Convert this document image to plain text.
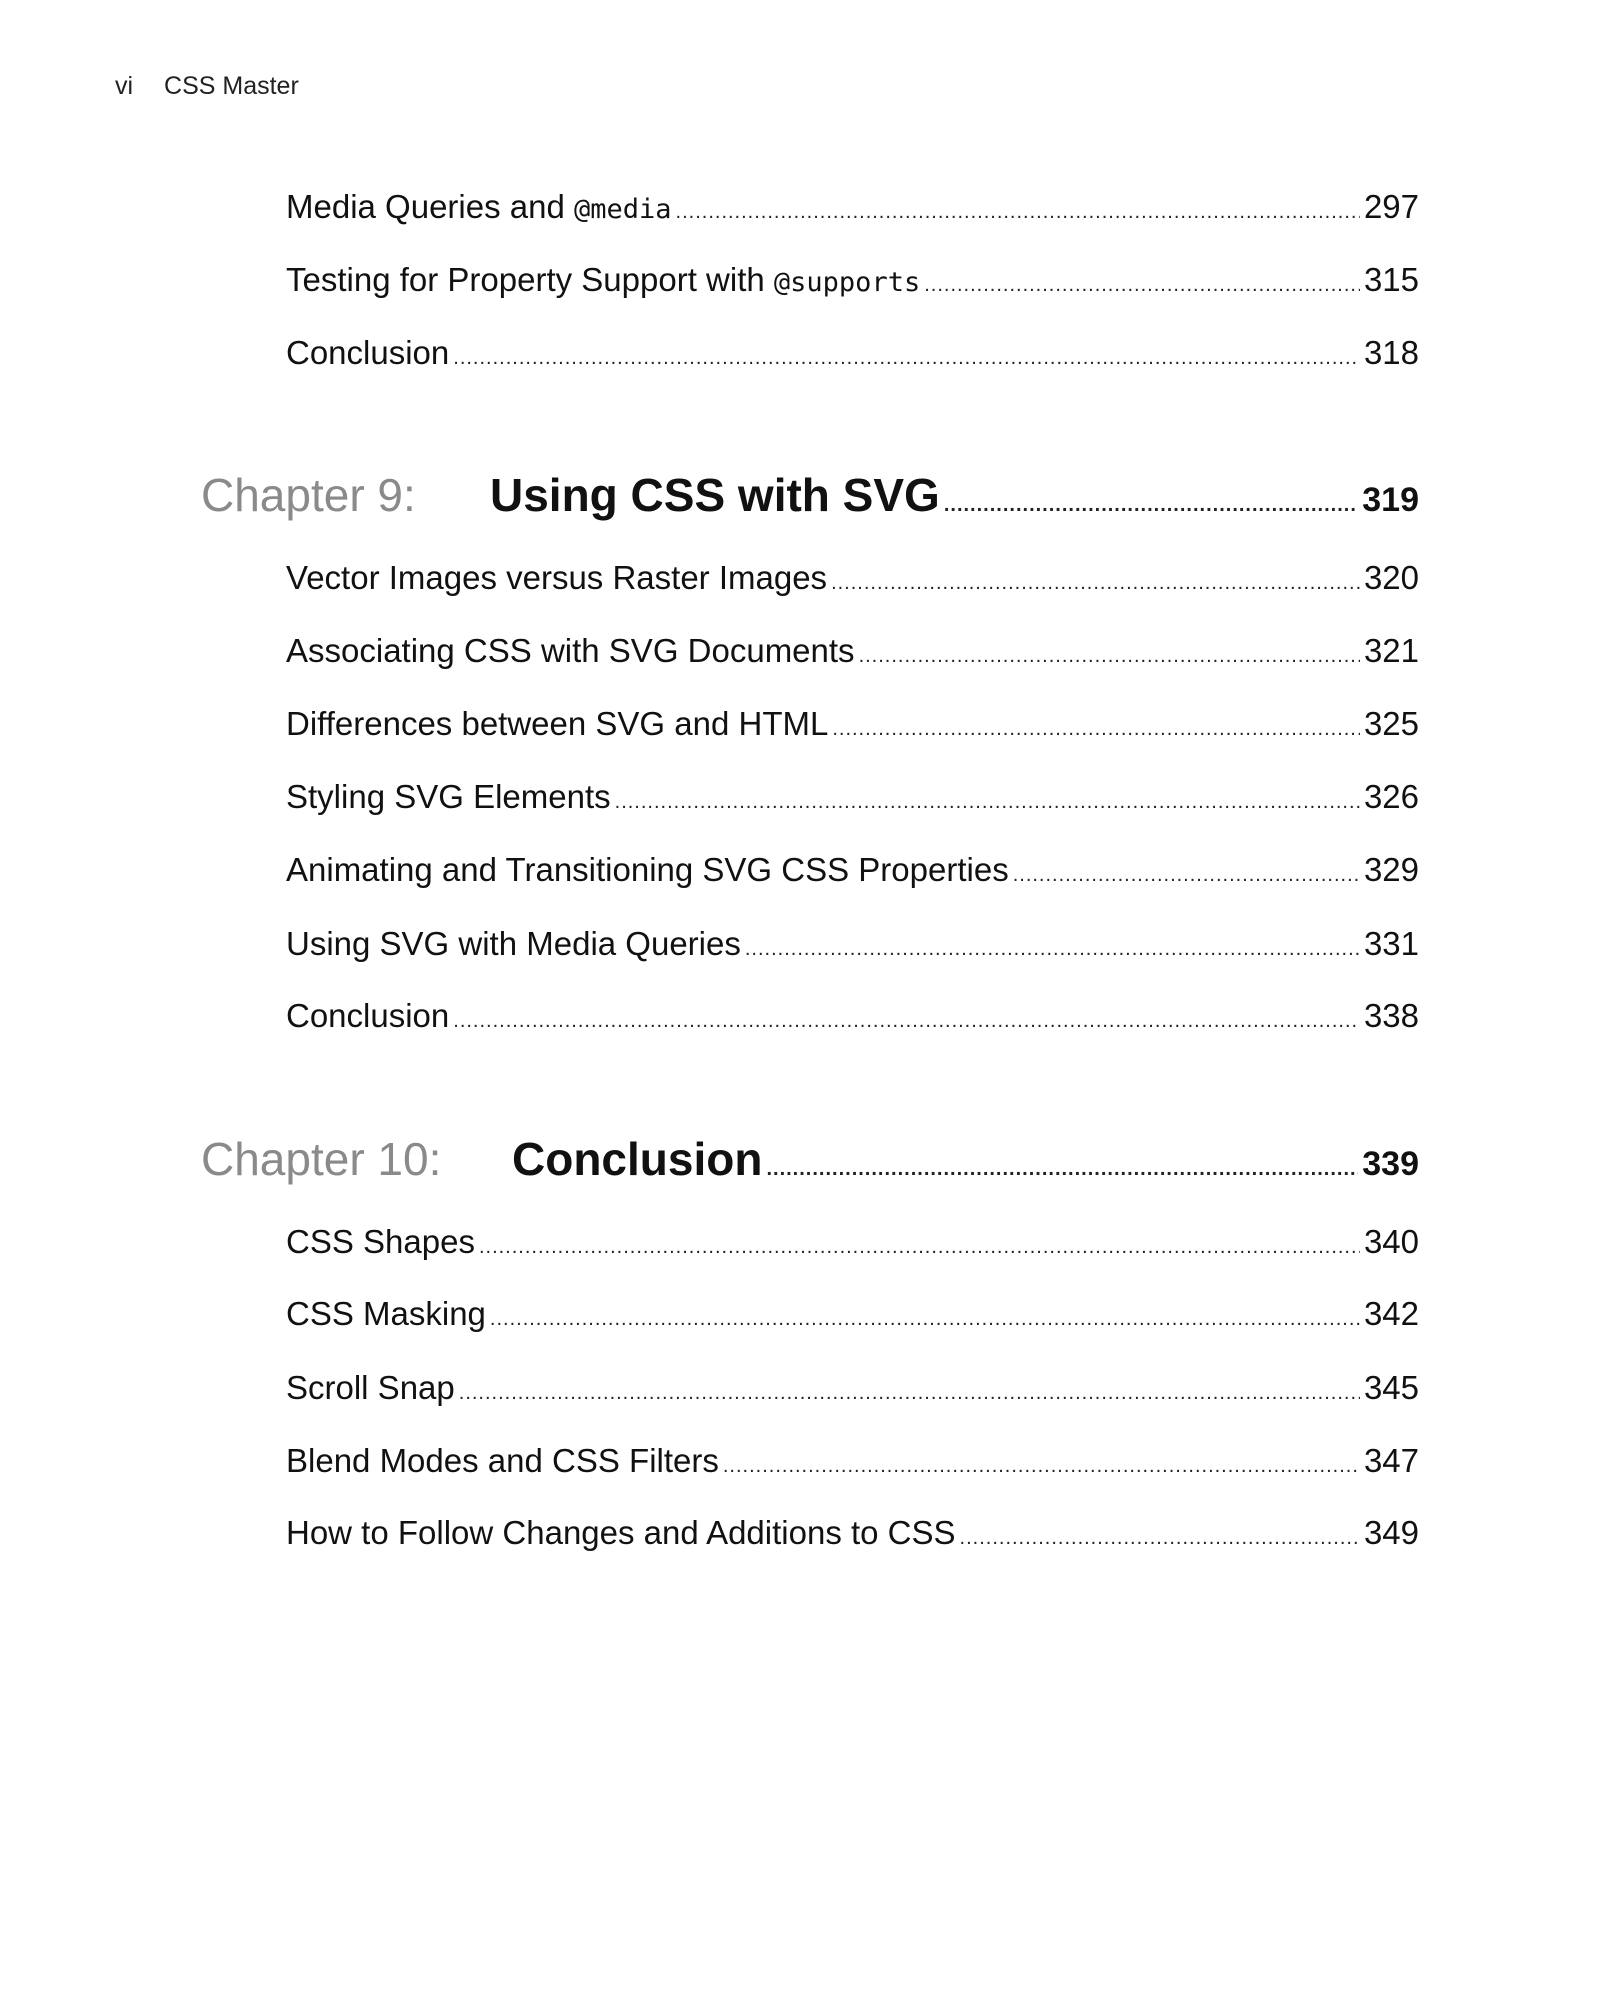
vi CSS Master
Media Queries and @media .....	297
Testing for Property Support with @supports .....	315
Conclusion .....	318
Chapter 9:	Using CSS with SVG .....	319
Vector Images versus Raster Images .....	320
Associating CSS with SVG Documents .....	321
Differences between SVG and HTML .....	325
Styling SVG Elements .....	326
Animating and Transitioning SVG CSS Properties .....	329
Using SVG with Media Queries .....	331
Conclusion .....	338
Chapter 10:	Conclusion .....	339
CSS Shapes .....	340
CSS Masking .....	342
Scroll Snap .....	345
Blend Modes and CSS Filters .....	347
How to Follow Changes and Additions to CSS .....	349
